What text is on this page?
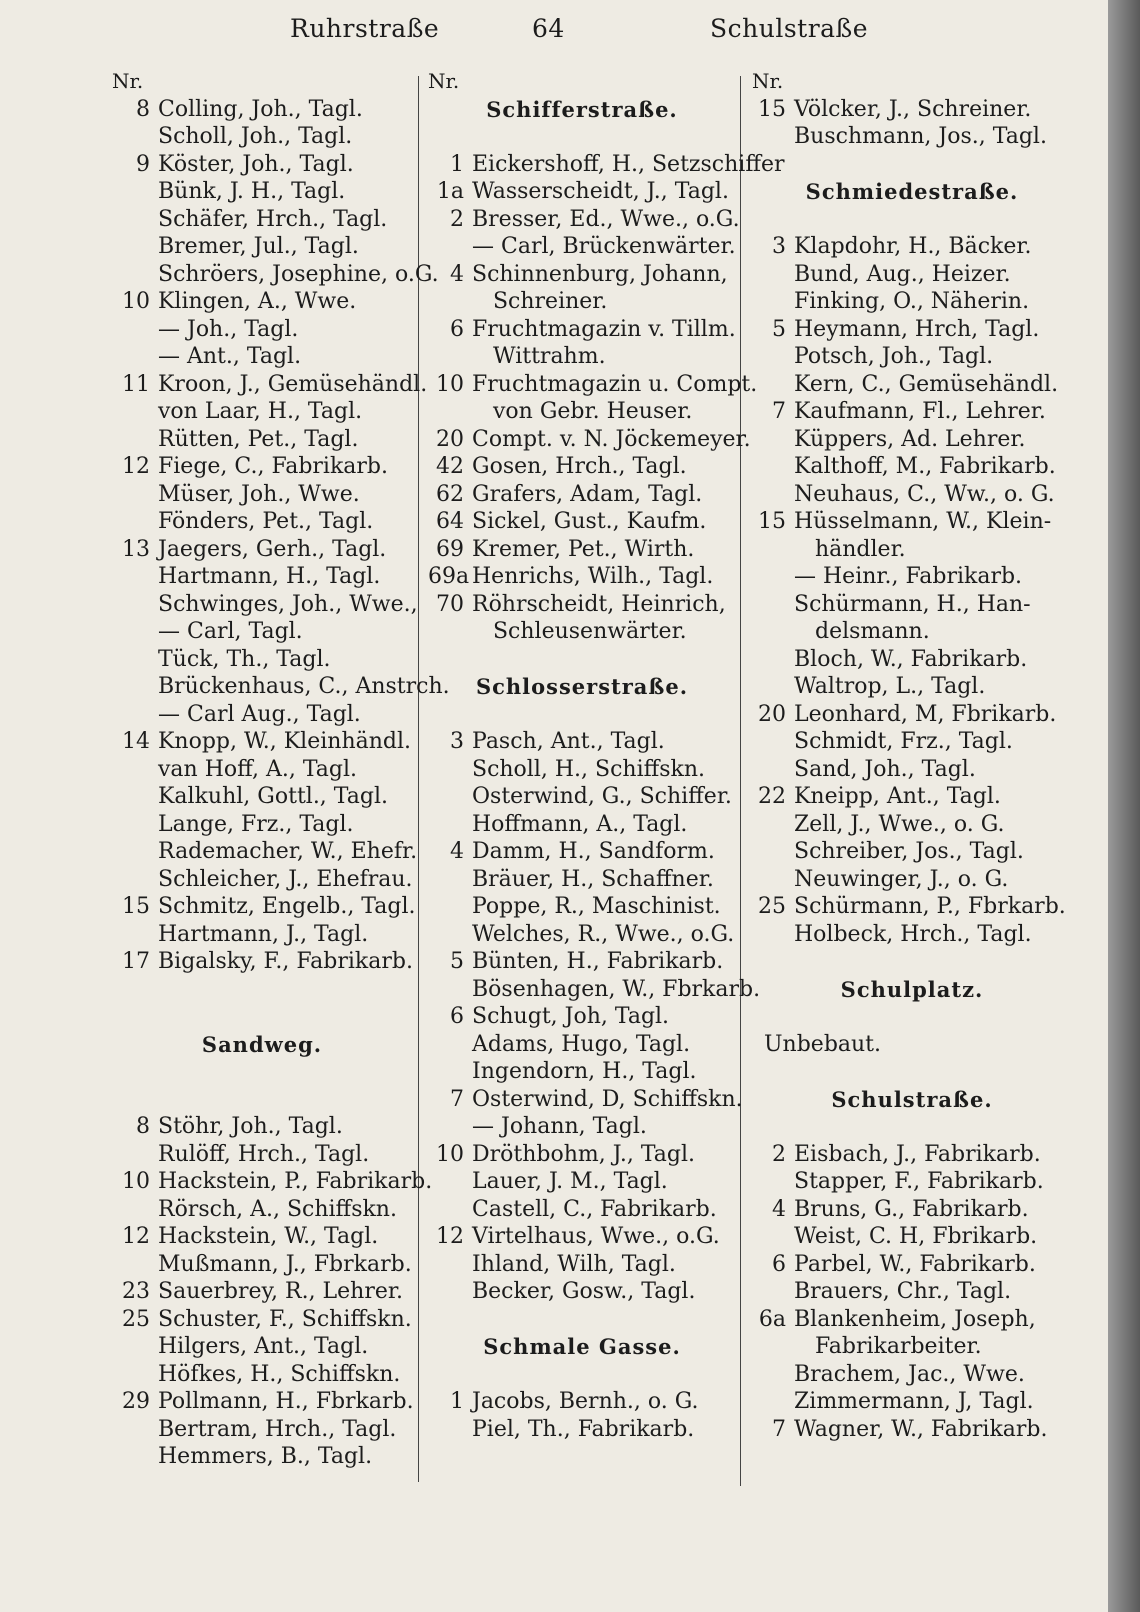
Ruhrstraße	64	Schulstraße
Nr.
8 Colling, Joh., Tagl.
Scholl, Joh., Tagl.
9 Köster, Joh., Tagl.
Bünk, J. H., Tagl.
Schäfer, Hrch., Tagl.
Bremer, Jul., Tagl.
Schröers, Josephine, o.G.
10 Klingen, A., Wwe.
— Joh., Tagl.
— Ant., Tagl.
11 Kroon, J., Gemüsehändl.
von Laar, H., Tagl.
Rütten, Pet., Tagl.
12 Fiege, C., Fabrikarb.
Müser, Joh., Wwe.
Fönders, Pet., Tagl.
13 Jaegers, Gerh., Tagl.
Hartmann, H., Tagl.
Schwinges, Joh., Wwe.,
— Carl, Tagl.
Tück, Th., Tagl.
Brückenhaus, C., Anstrch.
— Carl Aug., Tagl.
14 Knopp, W., Kleinhändl.
van Hoff, A., Tagl.
Kalkuhl, Gottl., Tagl.
Lange, Frz., Tagl.
Rademacher, W., Ehefr.
Schleicher, J., Ehefrau.
15 Schmitz, Engelb., Tagl.
Hartmann, J., Tagl.
17 Bigalsky, F., Fabrikarb.
Sandweg.
8 Stöhr, Joh., Tagl.
Rulöff, Hrch., Tagl.
10 Hackstein, P., Fabrikarb.
Rörsch, A., Schiffskn.
12 Hackstein, W., Tagl.
Mußmann, J., Fbrkarb.
23 Sauerbrey, R., Lehrer.
25 Schuster, F., Schiffskn.
Hilgers, Ant., Tagl.
Höfkes, H., Schiffskn.
29 Pollmann, H., Fbrkarb.
Bertram, Hrch., Tagl.
Hemmers, B., Tagl.
Nr.
Schifferstraße.
1 Eickershoff, H., Setzschiffer
1a Wasserscheidt, J., Tagl.
2 Bresser, Ed., Wwe., o.G.
— Carl, Brückenwärter.
4 Schinnenburg, Johann,
Schreiner.
6 Fruchtmagazin v. Tillm.
Wittrahm.
10 Fruchtmagazin u. Compt.
von Gebr. Heuser.
20 Compt. v. N. Jöckemeyer.
42 Gosen, Hrch., Tagl.
62 Grafers, Adam, Tagl.
64 Sickel, Gust., Kaufm.
69 Kremer, Pet., Wirth.
69a Henrichs, Wilh., Tagl.
70 Röhrscheidt, Heinrich,
Schleusenwärter.
Schlosserstraße.
3 Pasch, Ant., Tagl.
Scholl, H., Schiffskn.
Osterwind, G., Schiffer.
Hoffmann, A., Tagl.
4 Damm, H., Sandform.
Bräuer, H., Schaffner.
Poppe, R., Maschinist.
Welches, R., Wwe., o.G.
5 Bünten, H., Fabrikarb.
Bösenhagen, W., Fbrkarb.
6 Schugt, Joh, Tagl.
Adams, Hugo, Tagl.
Ingendorn, H., Tagl.
7 Osterwind, D, Schiffskn.
— Johann, Tagl.
10 Dröthbohm, J., Tagl.
Lauer, J. M., Tagl.
Castell, C., Fabrikarb.
12 Virtelhaus, Wwe., o.G.
Ihland, Wilh, Tagl.
Becker, Gosw., Tagl.
Schmale Gasse.
1 Jacobs, Bernh., o. G.
Piel, Th., Fabrikarb.
Nr.
15 Völcker, J., Schreiner.
Buschmann, Jos., Tagl.
Schmiedestraße.
3 Klapdohr, H., Bäcker.
Bund, Aug., Heizer.
Finking, O., Näherin.
5 Heymann, Hrch, Tagl.
Potsch, Joh., Tagl.
Kern, C., Gemüsehändl.
7 Kaufmann, Fl., Lehrer.
Küppers, Ad. Lehrer.
Kalthoff, M., Fabrikarb.
Neuhaus, C., Ww., o. G.
15 Hüsselmann, W., Klein-
händler.
— Heinr., Fabrikarb.
Schürmann, H., Han-
delsmann.
Bloch, W., Fabrikarb.
Waltrop, L., Tagl.
20 Leonhard, M, Fbrikarb.
Schmidt, Frz., Tagl.
Sand, Joh., Tagl.
22 Kneipp, Ant., Tagl.
Zell, J., Wwe., o. G.
Schreiber, Jos., Tagl.
Neuwinger, J., o. G.
25 Schürmann, P., Fbrkarb.
Holbeck, Hrch., Tagl.
Schulplatz.
Unbebaut.
Schulstraße.
2 Eisbach, J., Fabrikarb.
Stapper, F., Fabrikarb.
4 Bruns, G., Fabrikarb.
Weist, C. H, Fbrikarb.
6 Parbel, W., Fabrikarb.
Brauers, Chr., Tagl.
6a Blankenheim, Joseph,
Fabrikarbeiter.
Brachem, Jac., Wwe.
Zimmermann, J, Tagl.
7 Wagner, W., Fabrikarb.
